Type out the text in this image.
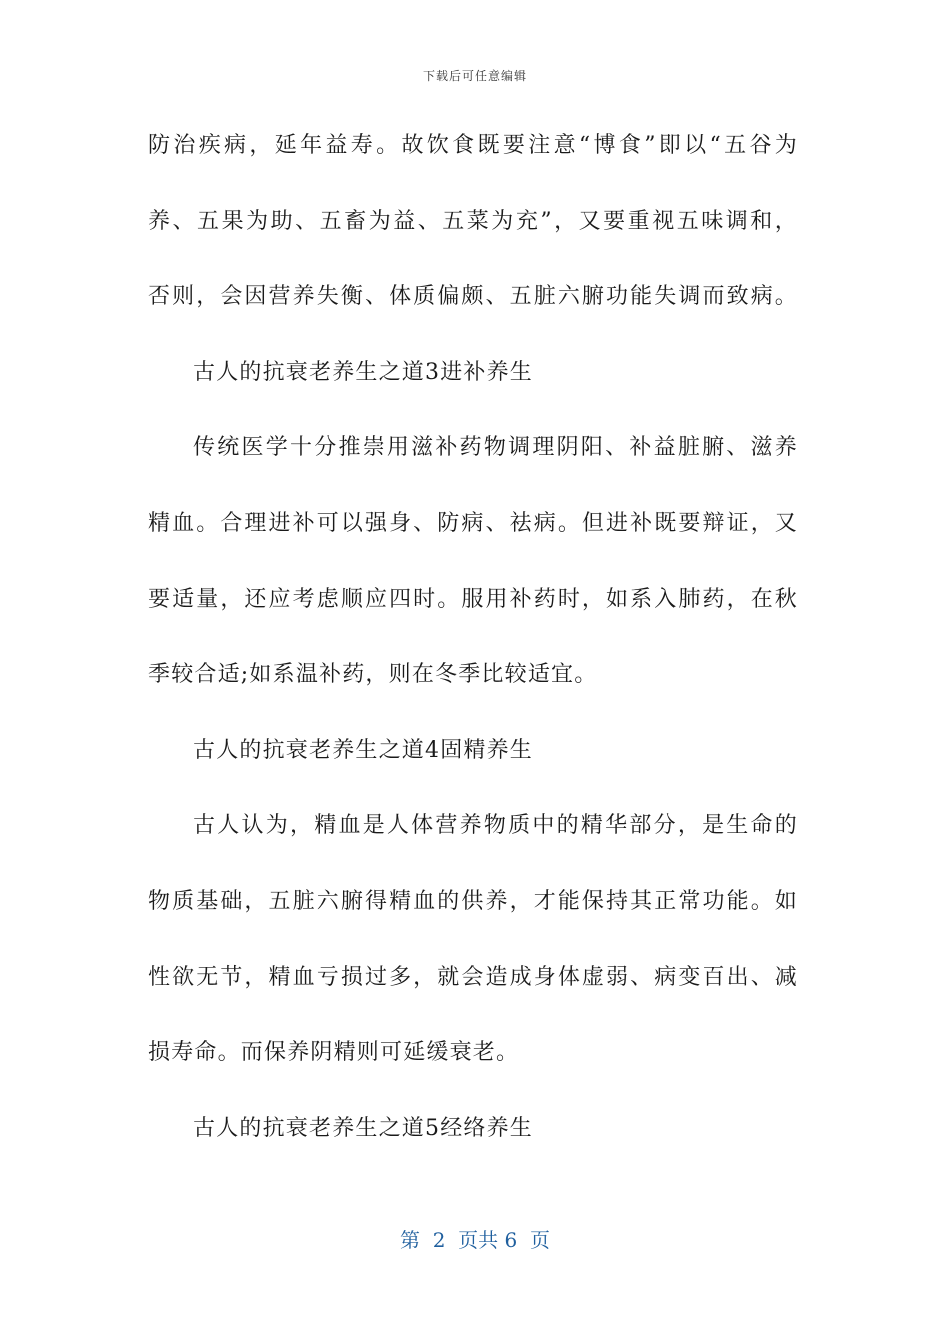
下载后可任意编辑
防治疾病，延年益寿。故饮食既要注意“博食”即以“五谷为
养、五果为助、五畜为益、五菜为充”，又要重视五味调和，
否则，会因营养失衡、体质偏颇、五脏六腑功能失调而致病。
古人的抗衰老养生之道3进补养生
传统医学十分推崇用滋补药物调理阴阳、补益脏腑、滋养
精血。合理进补可以强身、防病、祛病。但进补既要辩证，又
要适量，还应考虑顺应四时。服用补药时，如系入肺药，在秋
季较合适;如系温补药，则在冬季比较适宜。
古人的抗衰老养生之道4固精养生
古人认为，精血是人体营养物质中的精华部分，是生命的
物质基础，五脏六腑得精血的供养，才能保持其正常功能。如
性欲无节，精血亏损过多，就会造成身体虚弱、病变百出、减
损寿命。而保养阴精则可延缓衰老。
古人的抗衰老养生之道5经络养生
第  2  页共 6  页
